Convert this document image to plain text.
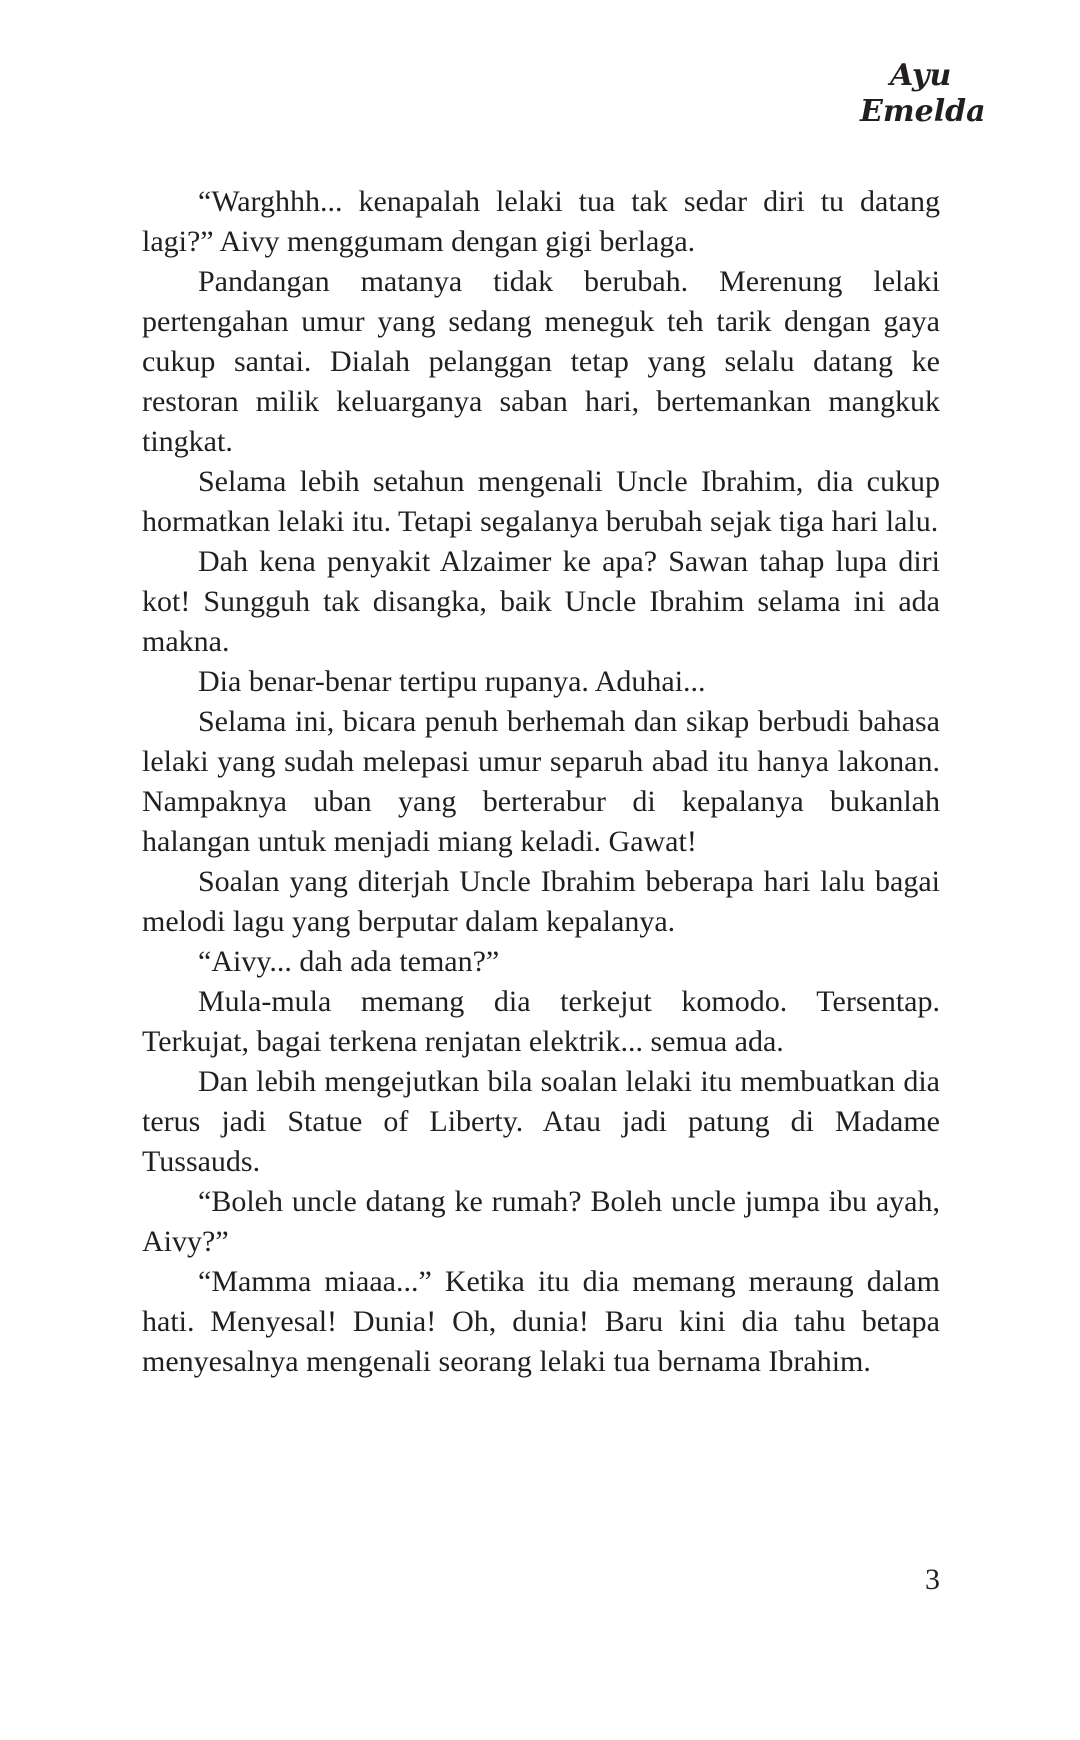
Ayu
Emelda

“Warghhh... kenapalah lelaki tua tak sedar diri tu datang lagi?” Aivy menggumam dengan gigi berlaga.

Pandangan matanya tidak berubah. Merenung lelaki pertengahan umur yang sedang meneguk teh tarik dengan gaya cukup santai. Dialah pelanggan tetap yang selalu datang ke restoran milik keluarganya saban hari, bertemankan mangkuk tingkat.

Selama lebih setahun mengenali Uncle Ibrahim, dia cukup hormatkan lelaki itu. Tetapi segalanya berubah sejak tiga hari lalu.

Dah kena penyakit Alzaimer ke apa? Sawan tahap lupa diri kot! Sungguh tak disangka, baik Uncle Ibrahim selama ini ada makna.

Dia benar-benar tertipu rupanya. Aduhai...

Selama ini, bicara penuh berhemah dan sikap berbudi bahasa lelaki yang sudah melepasi umur separuh abad itu hanya lakonan. Nampaknya uban yang berterabur di kepalanya bukanlah halangan untuk menjadi miang keladi. Gawat!

Soalan yang diterjah Uncle Ibrahim beberapa hari lalu bagai melodi lagu yang berputar dalam kepalanya.

“Aivy... dah ada teman?”

Mula-mula memang dia terkejut komodo. Tersentap. Terkujat, bagai terkena renjatan elektrik... semua ada.

Dan lebih mengejutkan bila soalan lelaki itu membuatkan dia terus jadi Statue of Liberty. Atau jadi patung di Madame Tussauds.

“Boleh uncle datang ke rumah? Boleh uncle jumpa ibu ayah, Aivy?”

“Mamma miaaa...” Ketika itu dia memang meraung dalam hati. Menyesal! Dunia! Oh, dunia! Baru kini dia tahu betapa menyesalnya mengenali seorang lelaki tua bernama Ibrahim.

3
